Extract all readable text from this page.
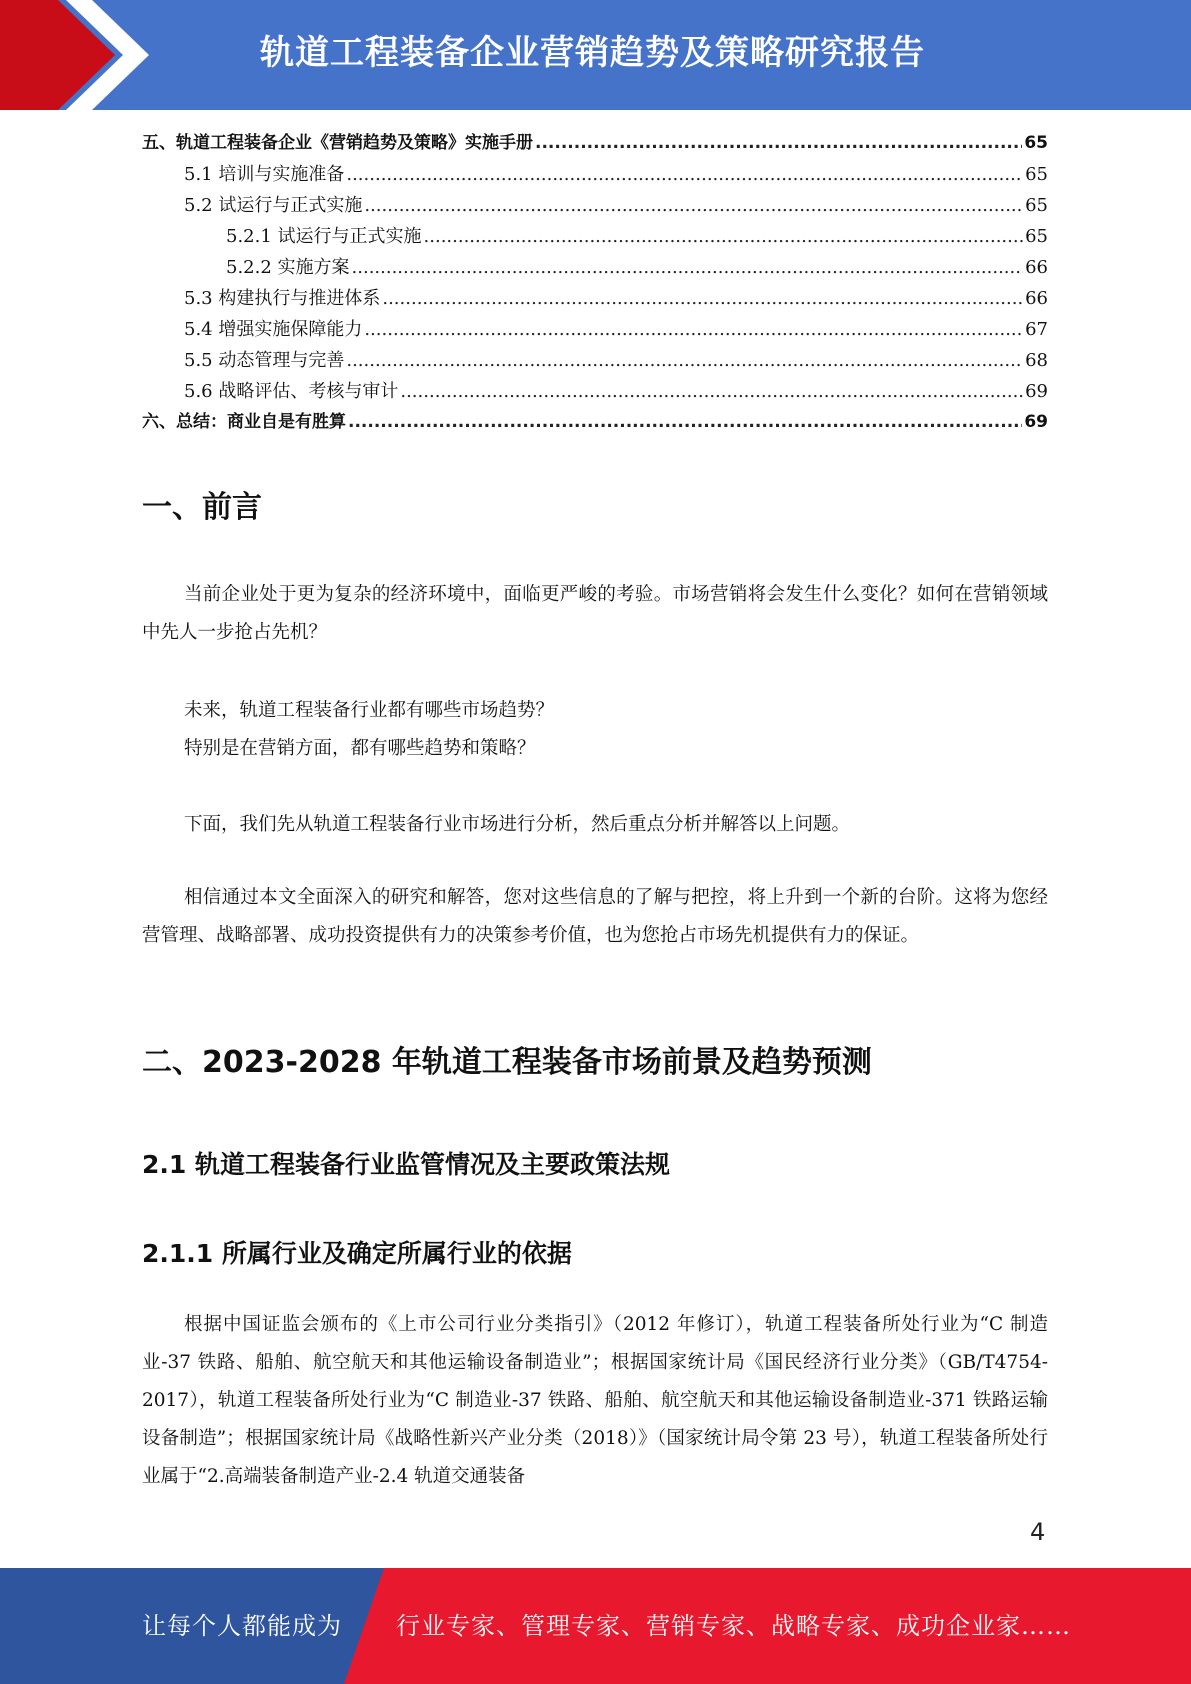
轨道工程装备企业营销趋势及策略研究报告
五、轨道工程装备企业《营销趋势及策略》实施手册 .....	65
5.1 培训与实施准备 .....	65
5.2 试运行与正式实施 .....	65
5.2.1 试运行与正式实施 .....	65
5.2.2 实施方案 .....	66
5.3 构建执行与推进体系 .....	66
5.4 增强实施保障能力 .....	67
5.5 动态管理与完善 .....	68
5.6 战略评估、考核与审计 .....	69
六、总结：商业自是有胜算 .....	69
一、前言

当前企业处于更为复杂的经济环境中，面临更严峻的考验。市场营销将会发生什么变化？如何在营销领域中先人一步抢占先机？

未来，轨道工程装备行业都有哪些市场趋势？

特别是在营销方面，都有哪些趋势和策略？

下面，我们先从轨道工程装备行业市场进行分析，然后重点分析并解答以上问题。

相信通过本文全面深入的研究和解答，您对这些信息的了解与把控，将上升到一个新的台阶。这将为您经营管理、战略部署、成功投资提供有力的决策参考价值，也为您抢占市场先机提供有力的保证。

二、2023-2028 年轨道工程装备市场前景及趋势预测
2.1 轨道工程装备行业监管情况及主要政策法规
2.1.1 所属行业及确定所属行业的依据

根据中国证监会颁布的《上市公司行业分类指引》（2012 年修订），轨道工程装备所处行业为“C 制造业-37 铁路、船舶、航空航天和其他运输设备制造业”；根据国家统计局《国民经济行业分类》（GB/T4754-2017），轨道工程装备所处行业为“C 制造业-37 铁路、船舶、航空航天和其他运输设备制造业-371 铁路运输设备制造”；根据国家统计局《战略性新兴产业分类（2018）》（国家统计局令第 23 号），轨道工程装备所处行业属于“2.高端装备制造产业-2.4 轨道交通装备

4
让每个人都能成为 行业专家、管理专家、营销专家、战略专家、成功企业家……
